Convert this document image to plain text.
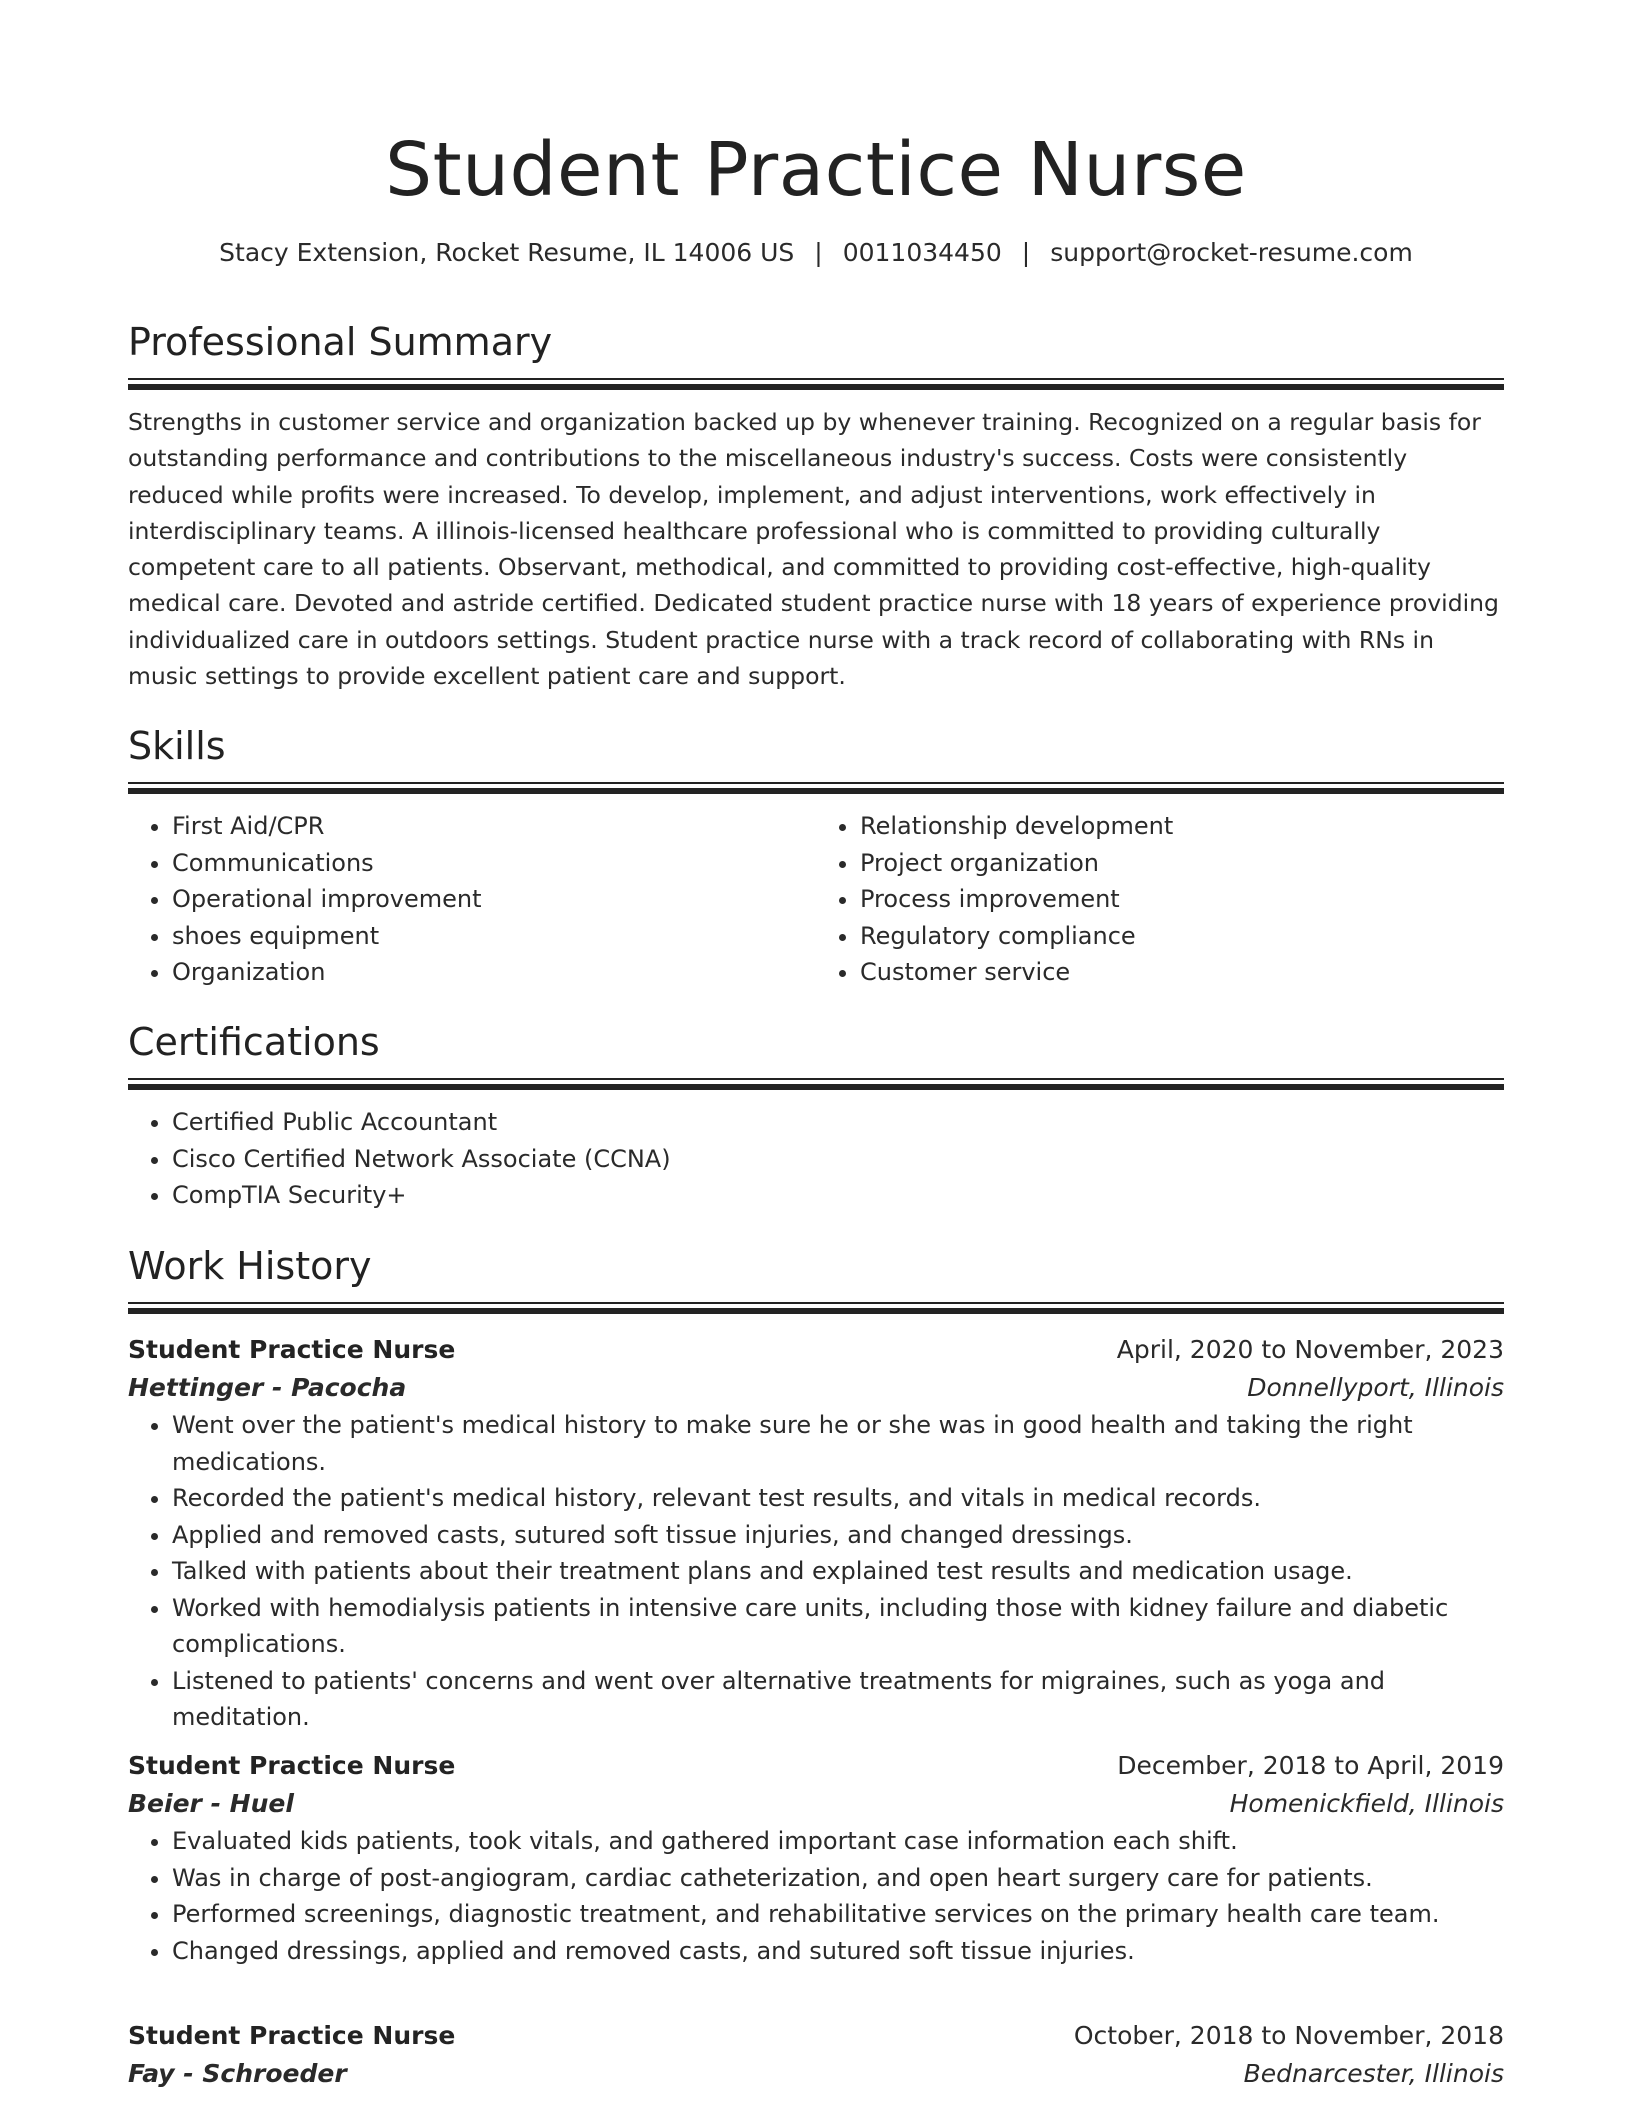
Student Practice Nurse
Stacy Extension, Rocket Resume, IL 14006 US | 0011034450 | support@rocket-resume.com
Professional Summary

Strengths in customer service and organization backed up by whenever training. Recognized on a regular basis for outstanding performance and contributions to the miscellaneous industry's success. Costs were consistently reduced while profits were increased. To develop, implement, and adjust interventions, work effectively in interdisciplinary teams. A illinois-licensed healthcare professional who is committed to providing culturally competent care to all patients. Observant, methodical, and committed to providing cost-effective, high-quality medical care. Devoted and astride certified. Dedicated student practice nurse with 18 years of experience providing individualized care in outdoors settings. Student practice nurse with a track record of collaborating with RNs in music settings to provide excellent patient care and support.

Skills
• First Aid/CPR
• Communications
• Operational improvement
• shoes equipment
• Organization
• Relationship development
• Project organization
• Process improvement
• Regulatory compliance
• Customer service
Certifications
• Certified Public Accountant
• Cisco Certified Network Associate (CCNA)
• CompTIA Security+
Work History
Student Practice Nurse	April, 2020 to November, 2023
Hettinger - Pacocha	Donnellyport, Illinois
• Went over the patient's medical history to make sure he or she was in good health and taking the right medications.
• Recorded the patient's medical history, relevant test results, and vitals in medical records.
• Applied and removed casts, sutured soft tissue injuries, and changed dressings.
• Talked with patients about their treatment plans and explained test results and medication usage.
• Worked with hemodialysis patients in intensive care units, including those with kidney failure and diabetic complications.
• Listened to patients' concerns and went over alternative treatments for migraines, such as yoga and meditation.
Student Practice Nurse	December, 2018 to April, 2019
Beier - Huel	Homenickfield, Illinois
• Evaluated kids patients, took vitals, and gathered important case information each shift.
• Was in charge of post-angiogram, cardiac catheterization, and open heart surgery care for patients.
• Performed screenings, diagnostic treatment, and rehabilitative services on the primary health care team.
• Changed dressings, applied and removed casts, and sutured soft tissue injuries.
Student Practice Nurse	October, 2018 to November, 2018
Fay - Schroeder	Bednarcester, Illinois
